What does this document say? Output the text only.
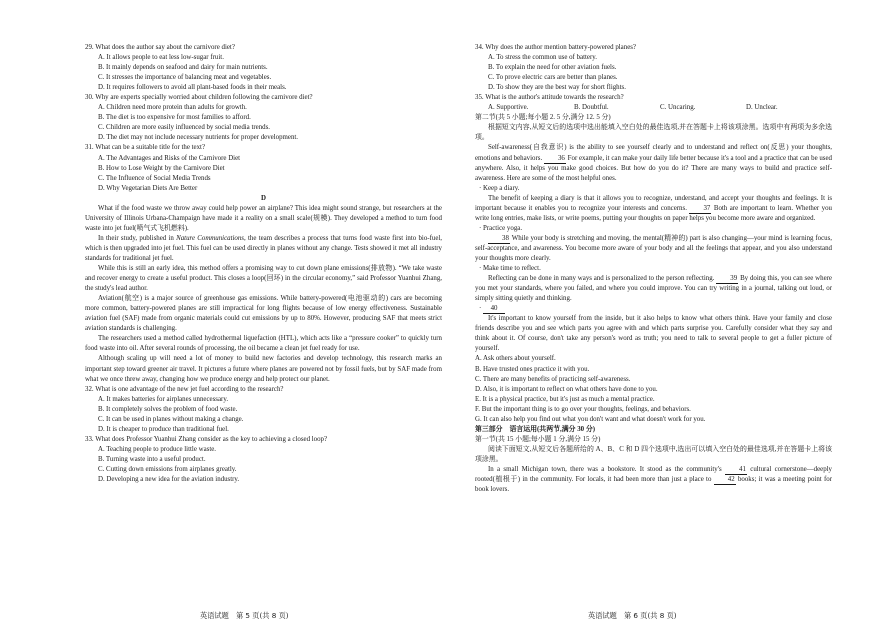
29. What does the author say about the carnivore diet?

A. It allows people to eat less low-sugar fruit.

B. It mainly depends on seafood and dairy for main nutrients.

C. It stresses the importance of balancing meat and vegetables.

D. It requires followers to avoid all plant-based foods in their meals.

30. Why are experts specially worried about children following the carnivore diet?

A. Children need more protein than adults for growth.

B. The diet is too expensive for most families to afford.

C. Children are more easily influenced by social media trends.

D. The diet may not include necessary nutrients for proper development.

31. What can be a suitable title for the text?

A. The Advantages and Risks of the Carnivore Diet

B. How to Lose Weight by the Carnivore Diet

C. The Influence of Social Media Trends

D. Why Vegetarian Diets Are Better

D

What if the food waste we throw away could help power an airplane? This idea might sound strange, but researchers at the University of Illinois Urbana-Champaign have made it a reality on a small scale(规模). They developed a method to turn food waste into jet fuel(喷气式飞机燃料).

In their study, published in Nature Communications, the team describes a process that turns food waste first into bio-fuel, which is then upgraded into jet fuel. This fuel can be used directly in planes without any change. Tests showed it met all industry standards for traditional jet fuel.

While this is still an early idea, this method offers a promising way to cut down plane emissions(排放物). “We take waste and recover energy to create a useful product. This closes a loop(回环) in the circular economy,” said Professor Yuanhui Zhang, the study's lead author.

Aviation(航空) is a major source of greenhouse gas emissions. While battery-powered(电池驱动的) cars are becoming more common, battery-powered planes are still impractical for long flights because of low energy effectiveness. Sustainable aviation fuel (SAF) made from organic materials could cut emissions by up to 80%. However, producing SAF that meets strict aviation standards is challenging.

The researchers used a method called hydrothermal liquefaction (HTL), which acts like a “pressure cooker” to quickly turn food waste into oil. After several rounds of processing, the oil became a clean jet fuel ready for use.

Although scaling up will need a lot of money to build new factories and develop technology, this research marks an important step toward greener air travel. It pictures a future where planes are powered not by fossil fuels, but by SAF made from what we once threw away, changing how we produce energy and help protect our planet.

32. What is one advantage of the new jet fuel according to the research?

A. It makes batteries for airplanes unnecessary.

B. It completely solves the problem of food waste.

C. It can be used in planes without making a change.

D. It is cheaper to produce than traditional fuel.

33. What does Professor Yuanhui Zhang consider as the key to achieving a closed loop?

A. Teaching people to produce little waste.

B. Turning waste into a useful product.

C. Cutting down emissions from airplanes greatly.

D. Developing a new idea for the aviation industry.

34. Why does the author mention battery-powered planes?

A. To stress the common use of battery.

B. To explain the need for other aviation fuels.

C. To prove electric cars are better than planes.

D. To show they are the best way for short flights.

35. What is the author's attitude towards the research?

A. Supportive.	B. Doubtful.	C. Uncaring.	D. Unclear.

第二节(共 5 小题;每小题 2. 5 分,满分 12. 5 分)

根据短文内容,从短文后的选项中选出能填入空白处的最佳选项,并在答题卡上将该项涂黑。选项中有两项为多余选项。

Self-awareness(自我意识) is the ability to see yourself clearly and to understand and reflect on(反思) your thoughts, emotions and behaviors. 36 For example, it can make your daily life better because it's a tool and a practice that can be used anywhere. Also, it helps you make good choices. But how do you do it? There are many ways to build and practice self-awareness. Here are some of the most helpful ones.

· Keep a diary.

The benefit of keeping a diary is that it allows you to recognize, understand, and accept your thoughts and feelings. It is important because it enables you to recognize your interests and concerns. 37 Both are important to learn. Whether you write long entries, make lists, or write poems, putting your thoughts on paper helps you become more aware and organized.

· Practice yoga.

38 While your body is stretching and moving, the mental(精神的) part is also changing—your mind is learning focus, self-acceptance, and awareness. You become more aware of your body and all the feelings that appear, and you also understand your thoughts more clearly.

· Make time to reflect.

Reflecting can be done in many ways and is personalized to the person reflecting. 39 By doing this, you can see where you met your standards, where you failed, and where you could improve. You can try writing in a journal, talking out loud, or simply sitting quietly and thinking.

· 40

It's important to know yourself from the inside, but it also helps to know what others think. Have your family and close friends describe you and see which parts you agree with and which parts surprise you. Carefully consider what they say and think about it. Of course, don't take any person's word as truth; you need to talk to several people to get a fuller picture of yourself.

A. Ask others about yourself.

B. Have trusted ones practice it with you.

C. There are many benefits of practicing self-awareness.

D. Also, it is important to reflect on what others have done to you.

E. It is a physical practice, but it's just as much a mental practice.

F. But the important thing is to go over your thoughts, feelings, and behaviors.

G. It can also help you find out what you don't want and what doesn't work for you.

第三部分　语言运用(共两节,满分 30 分)

第一节(共 15 小题;每小题 1 分,满分 15 分)

阅读下面短文,从短文后各题所给的 A、B、C 和 D 四个选项中,选出可以填入空白处的最佳选项,并在答题卡上将该项涂黑。

In a small Michigan town, there was a bookstore. It stood as the community's	41 cultural cornerstone—deeply rooted(植根于) in the community. For locals, it had been more than just a place to 42 books; it was a meeting point for book lovers.

英语试题　第 5 页(共 8 页)	英语试题　第 6 页(共 8 页)
